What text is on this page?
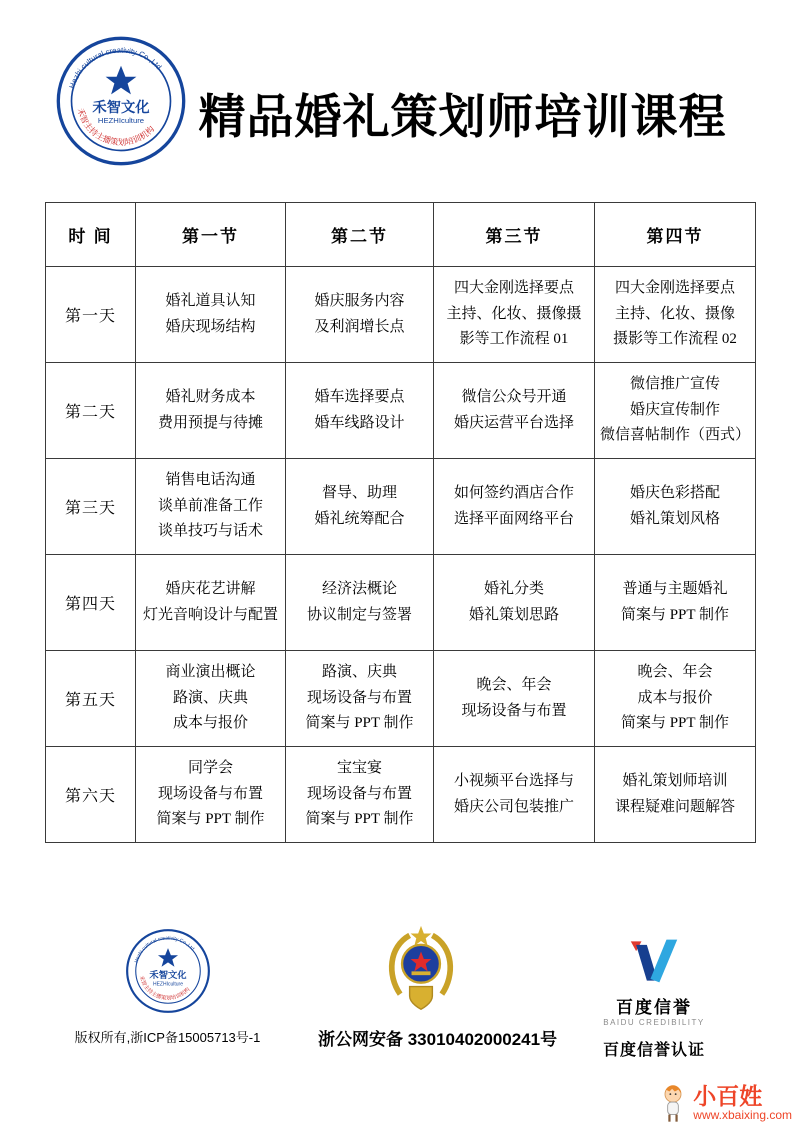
Hezhi cultural creativity Co.,Ltd
禾智文化
HEZHIculture
禾智主持主播策划培训机构 精品婚礼策划师培训课程
时 间	第一节	第二节	第三节	第四节
第一天	
婚礼道具认知
婚庆现场结构

婚庆服务内容
及利润增长点

四大金刚选择要点
主持、化妆、摄像摄
影等工作流程 01

四大金刚选择要点
主持、化妆、摄像
摄影等工作流程 02

第二天	
婚礼财务成本
费用预提与待摊

婚车选择要点
婚车线路设计

微信公众号开通
婚庆运营平台选择

微信推广宣传
婚庆宣传制作
微信喜帖制作（西式）

第三天	
销售电话沟通
谈单前准备工作
谈单技巧与话术

督导、助理
婚礼统筹配合

如何签约酒店合作
选择平面网络平台

婚庆色彩搭配
婚礼策划风格

第四天	
婚庆花艺讲解
灯光音响设计与配置

经济法概论
协议制定与签署

婚礼分类
婚礼策划思路

普通与主题婚礼
简案与 PPT 制作

第五天	
商业演出概论
路演、庆典
成本与报价

路演、庆典
现场设备与布置
简案与 PPT 制作

晚会、年会
现场设备与布置

晚会、年会
成本与报价
简案与 PPT 制作

第六天	
同学会
现场设备与布置
简案与 PPT 制作

宝宝宴
现场设备与布置
简案与 PPT 制作

小视频平台选择与
婚庆公司包装推广

婚礼策划师培训
课程疑难问题解答
Hezhi cultural creativity Co.,Ltd
禾智文化
HEZHIculture
禾智主持主播策划培训机构
版权所有,浙ICP备15005713号-1	浙公网安备 33010402000241号
百度信誉
BAIDU CREDIBILITY
百度信誉认证
小百姓
www.xbaixing.com
